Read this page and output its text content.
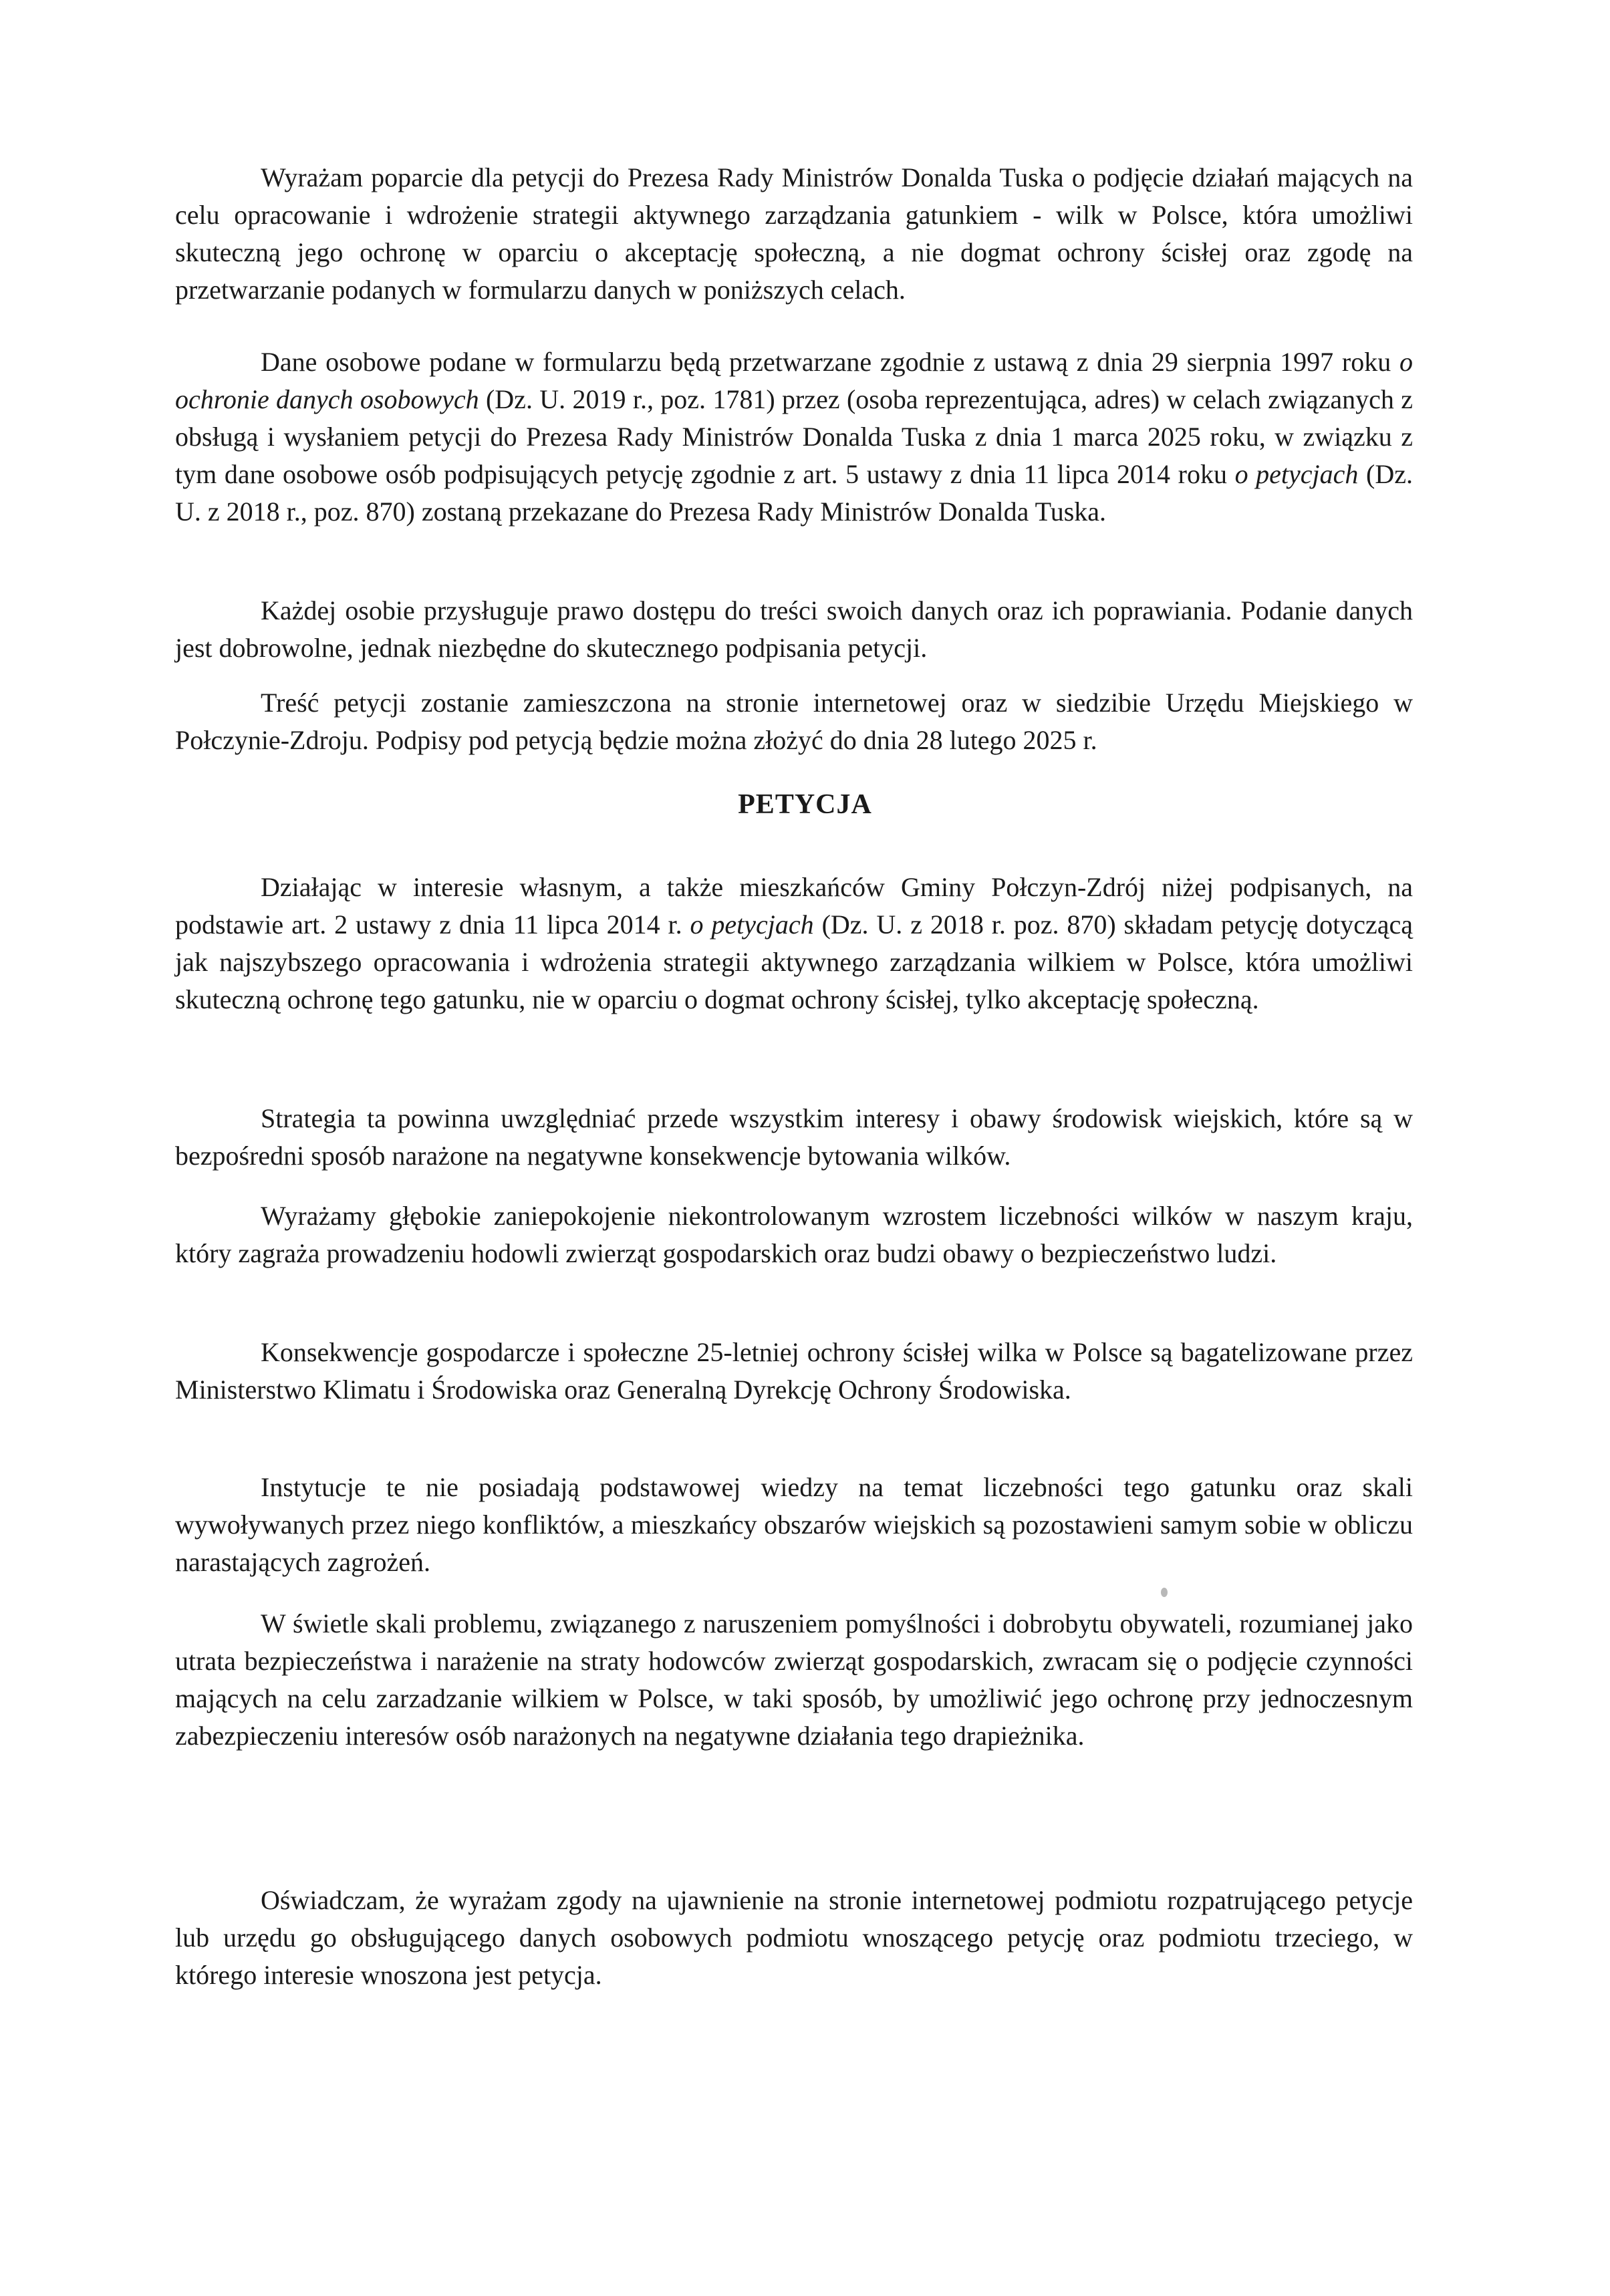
Wyrażam poparcie dla petycji do Prezesa Rady Ministrów Donalda Tuska o podjęcie działań mających na celu opracowanie i wdrożenie strategii aktywnego zarządzania gatunkiem - wilk w Polsce, która umożliwi skuteczną jego ochronę w oparciu o akceptację społeczną, a nie dogmat ochrony ścisłej oraz zgodę na przetwarzanie podanych w formularzu danych w poniższych celach.

Dane osobowe podane w formularzu będą przetwarzane zgodnie z ustawą z dnia 29 sierpnia 1997 roku o ochronie danych osobowych (Dz. U. 2019 r., poz. 1781) przez (osoba reprezentująca, adres) w celach związanych z obsługą i wysłaniem petycji do Prezesa Rady Ministrów Donalda Tuska z dnia 1 marca 2025 roku, w związku z tym dane osobowe osób podpisujących petycję zgodnie z art. 5 ustawy z dnia 11 lipca 2014 roku o petycjach (Dz. U. z 2018 r., poz. 870) zostaną przekazane do Prezesa Rady Ministrów Donalda Tuska.

Każdej osobie przysługuje prawo dostępu do treści swoich danych oraz ich poprawiania. Podanie danych jest dobrowolne, jednak niezbędne do skutecznego podpisania petycji.

Treść petycji zostanie zamieszczona na stronie internetowej oraz w siedzibie Urzędu Miejskiego w Połczynie-Zdroju. Podpisy pod petycją będzie można złożyć do dnia 28 lutego 2025 r.

PETYCJA

Działając w interesie własnym, a także mieszkańców Gminy Połczyn-Zdrój niżej podpisanych, na podstawie art. 2 ustawy z dnia 11 lipca 2014 r. o petycjach (Dz. U. z 2018 r. poz. 870) składam petycję dotyczącą jak najszybszego opracowania i wdrożenia strategii aktywnego zarządzania wilkiem w Polsce, która umożliwi skuteczną ochronę tego gatunku, nie w oparciu o dogmat ochrony ścisłej, tylko akceptację społeczną.

Strategia ta powinna uwzględniać przede wszystkim interesy i obawy środowisk wiejskich, które są w bezpośredni sposób narażone na negatywne konsekwencje bytowania wilków.

Wyrażamy głębokie zaniepokojenie niekontrolowanym wzrostem liczebności wilków w naszym kraju, który zagraża prowadzeniu hodowli zwierząt gospodarskich oraz budzi obawy o bezpieczeństwo ludzi.

Konsekwencje gospodarcze i społeczne 25-letniej ochrony ścisłej wilka w Polsce są bagatelizowane przez Ministerstwo Klimatu i Środowiska oraz Generalną Dyrekcję Ochrony Środowiska.

Instytucje te nie posiadają podstawowej wiedzy na temat liczebności tego gatunku oraz skali wywoływanych przez niego konfliktów, a mieszkańcy obszarów wiejskich są pozostawieni samym sobie w obliczu narastających zagrożeń.

W świetle skali problemu, związanego z naruszeniem pomyślności i dobrobytu obywateli, rozumianej jako utrata bezpieczeństwa i narażenie na straty hodowców zwierząt gospodarskich, zwracam się o podjęcie czynności mających na celu zarzadzanie wilkiem w Polsce, w taki sposób, by umożliwić jego ochronę przy jednoczesnym zabezpieczeniu interesów osób narażonych na negatywne działania tego drapieżnika.

Oświadczam, że wyrażam zgody na ujawnienie na stronie internetowej podmiotu rozpatrującego petycje lub urzędu go obsługującego danych osobowych podmiotu wnoszącego petycję oraz podmiotu trzeciego, w którego interesie wnoszona jest petycja.
